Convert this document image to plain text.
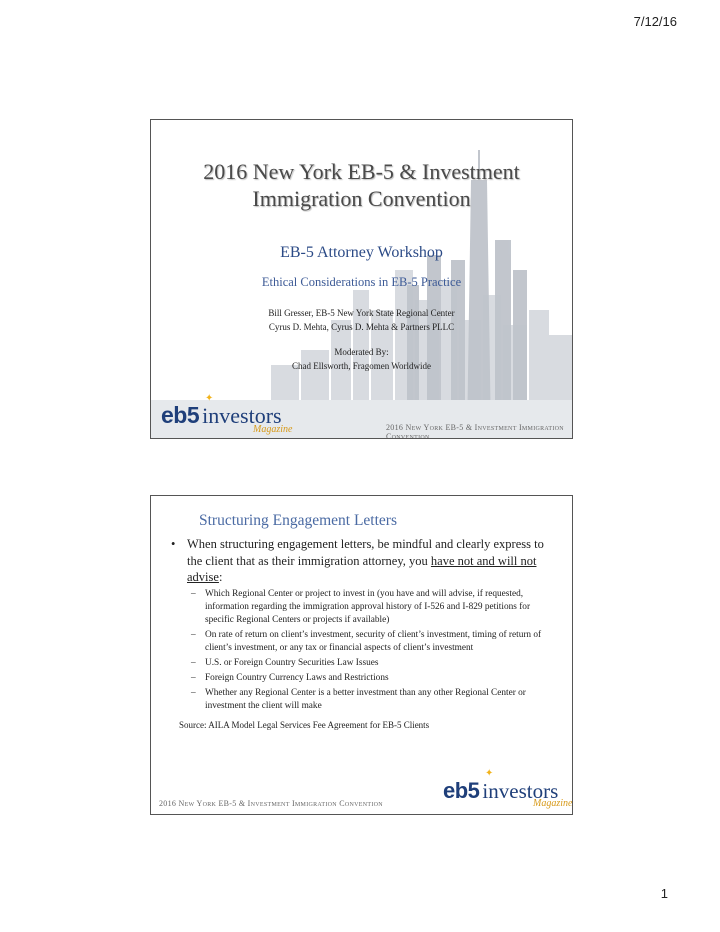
7/12/16
2016 New York EB-5 & Investment
Immigration Convention
EB-5 Attorney Workshop
Ethical Considerations in EB-5 Practice
Bill Gresser, EB-5 New York State Regional Center
Cyrus D. Mehta, Cyrus D. Mehta & Partners PLLC
Moderated By:
Chad Ellsworth, Fragomen Worldwide
eb5 investors
✦
Magazine	2016 New York EB-5 & Investment Immigration Convention
Structuring Engagement Letters
• When structuring engagement letters, be mindful and clearly express to the client that as their immigration attorney, you have not and will not advise:
–	Which Regional Center or project to invest in (you have and will advise, if requested, information regarding the immigration approval history of I-526 and I-829 petitions for specific Regional Centers or projects if available)
–	On rate of return on client’s investment, security of client’s investment, timing of return of client’s investment, or any tax or financial aspects of client’s investment
–	U.S. or Foreign Country Securities Law Issues
–	Foreign Country Currency Laws and Restrictions
–	Whether any Regional Center is a better investment than any other Regional Center or investment the client will make
Source: AILA Model Legal Services Fee Agreement for EB-5 Clients
2016 New York EB-5 & Investment Immigration Convention
eb5 investors
✦
Magazine
1
